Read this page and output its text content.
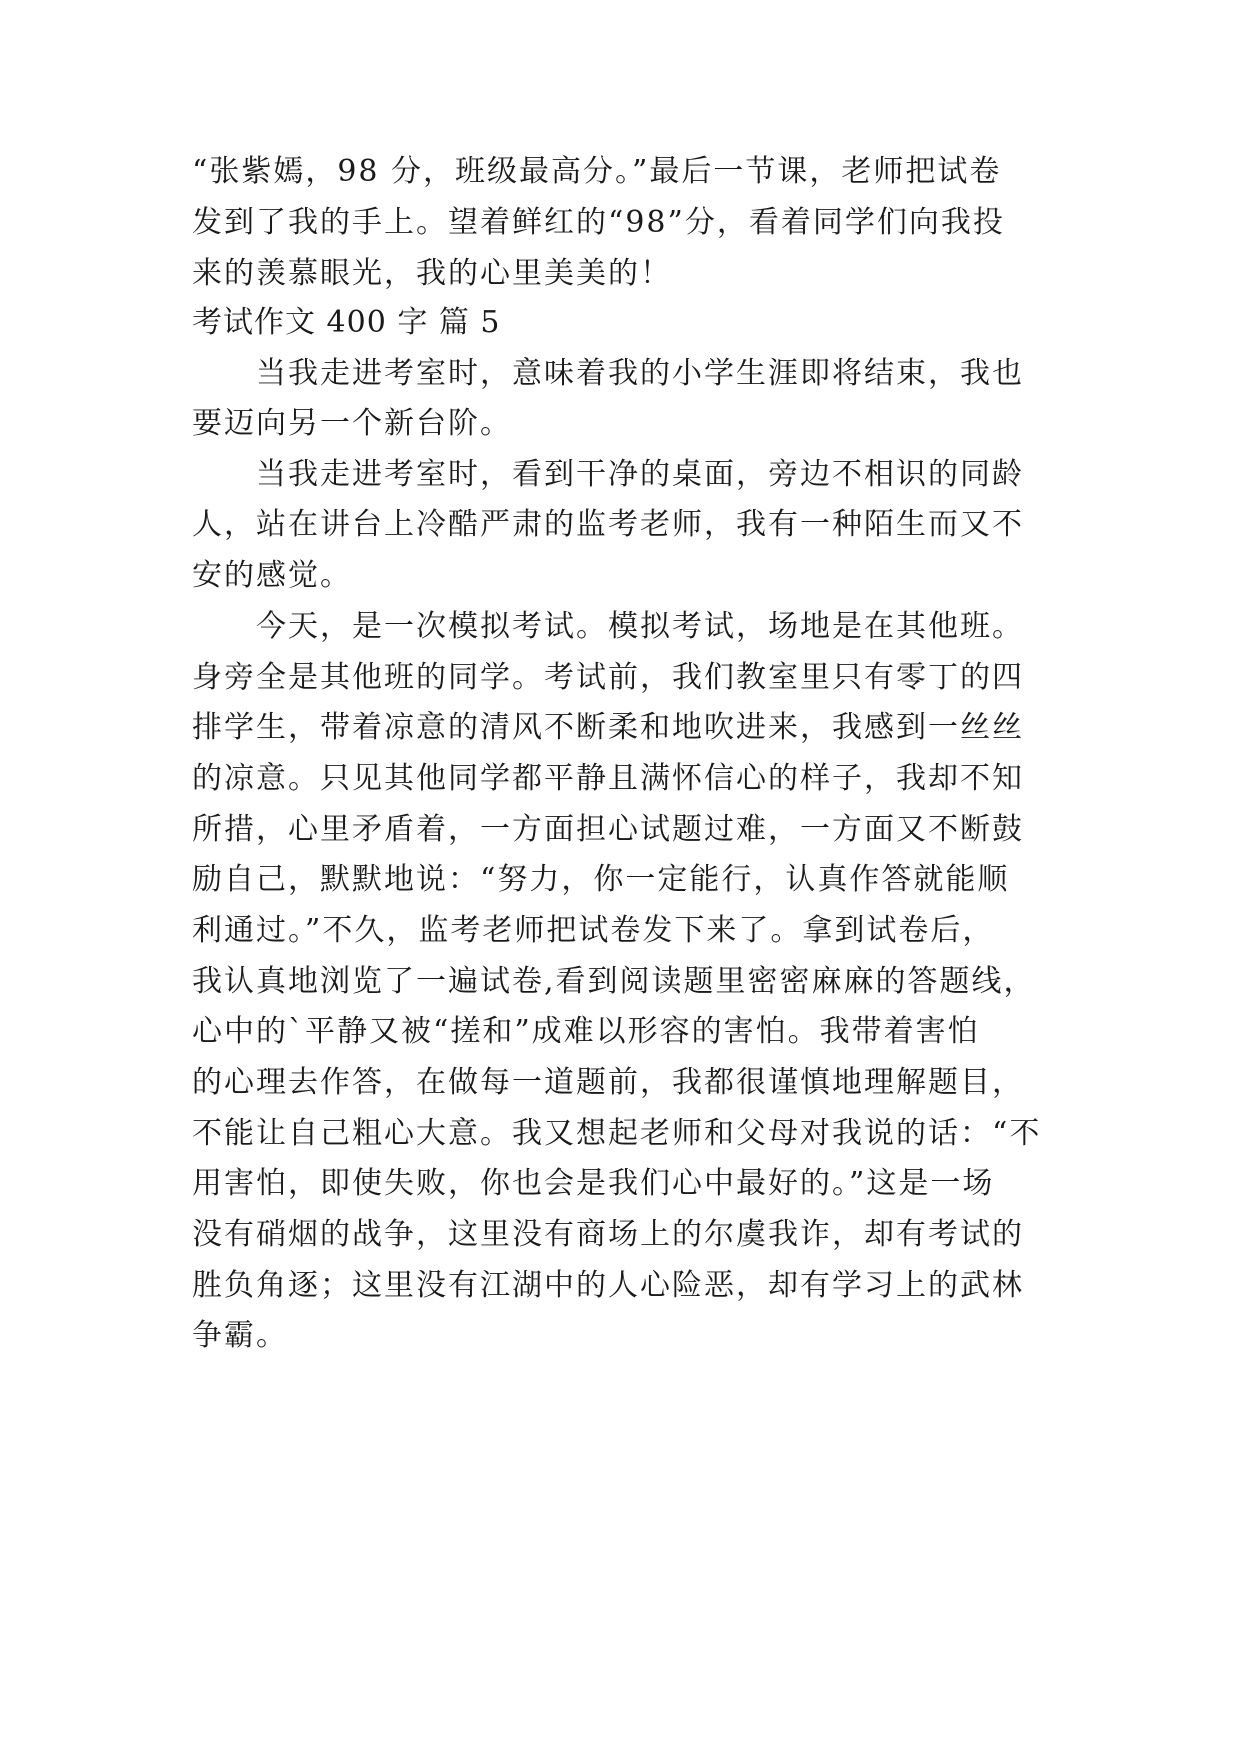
“张紫嫣，98 分，班级最高分。”最后一节课，老师把试卷

发到了我的手上。望着鲜红的“98”分，看着同学们向我投

来的羡慕眼光，我的心里美美的！

考试作文 400 字 篇 5

当我走进考室时，意味着我的小学生涯即将结束，我也

要迈向另一个新台阶。

当我走进考室时，看到干净的桌面，旁边不相识的同龄

人，站在讲台上冷酷严肃的监考老师，我有一种陌生而又不

安的感觉。

今天，是一次模拟考试。模拟考试，场地是在其他班。

身旁全是其他班的同学。考试前，我们教室里只有零丁的四

排学生，带着凉意的清风不断柔和地吹进来，我感到一丝丝

的凉意。只见其他同学都平静且满怀信心的样子，我却不知

所措，心里矛盾着，一方面担心试题过难，一方面又不断鼓

励自己，默默地说：“努力，你一定能行，认真作答就能顺

利通过。”不久，监考老师把试卷发下来了。拿到试卷后，

我认真地浏览了一遍试卷,看到阅读题里密密麻麻的答题线，

心中的`平静又被“搓和”成难以形容的害怕。我带着害怕

的心理去作答，在做每一道题前，我都很谨慎地理解题目，

不能让自己粗心大意。我又想起老师和父母对我说的话：“不

用害怕，即使失败，你也会是我们心中最好的。”这是一场

没有硝烟的战争，这里没有商场上的尔虞我诈，却有考试的

胜负角逐；这里没有江湖中的人心险恶，却有学习上的武林

争霸。
